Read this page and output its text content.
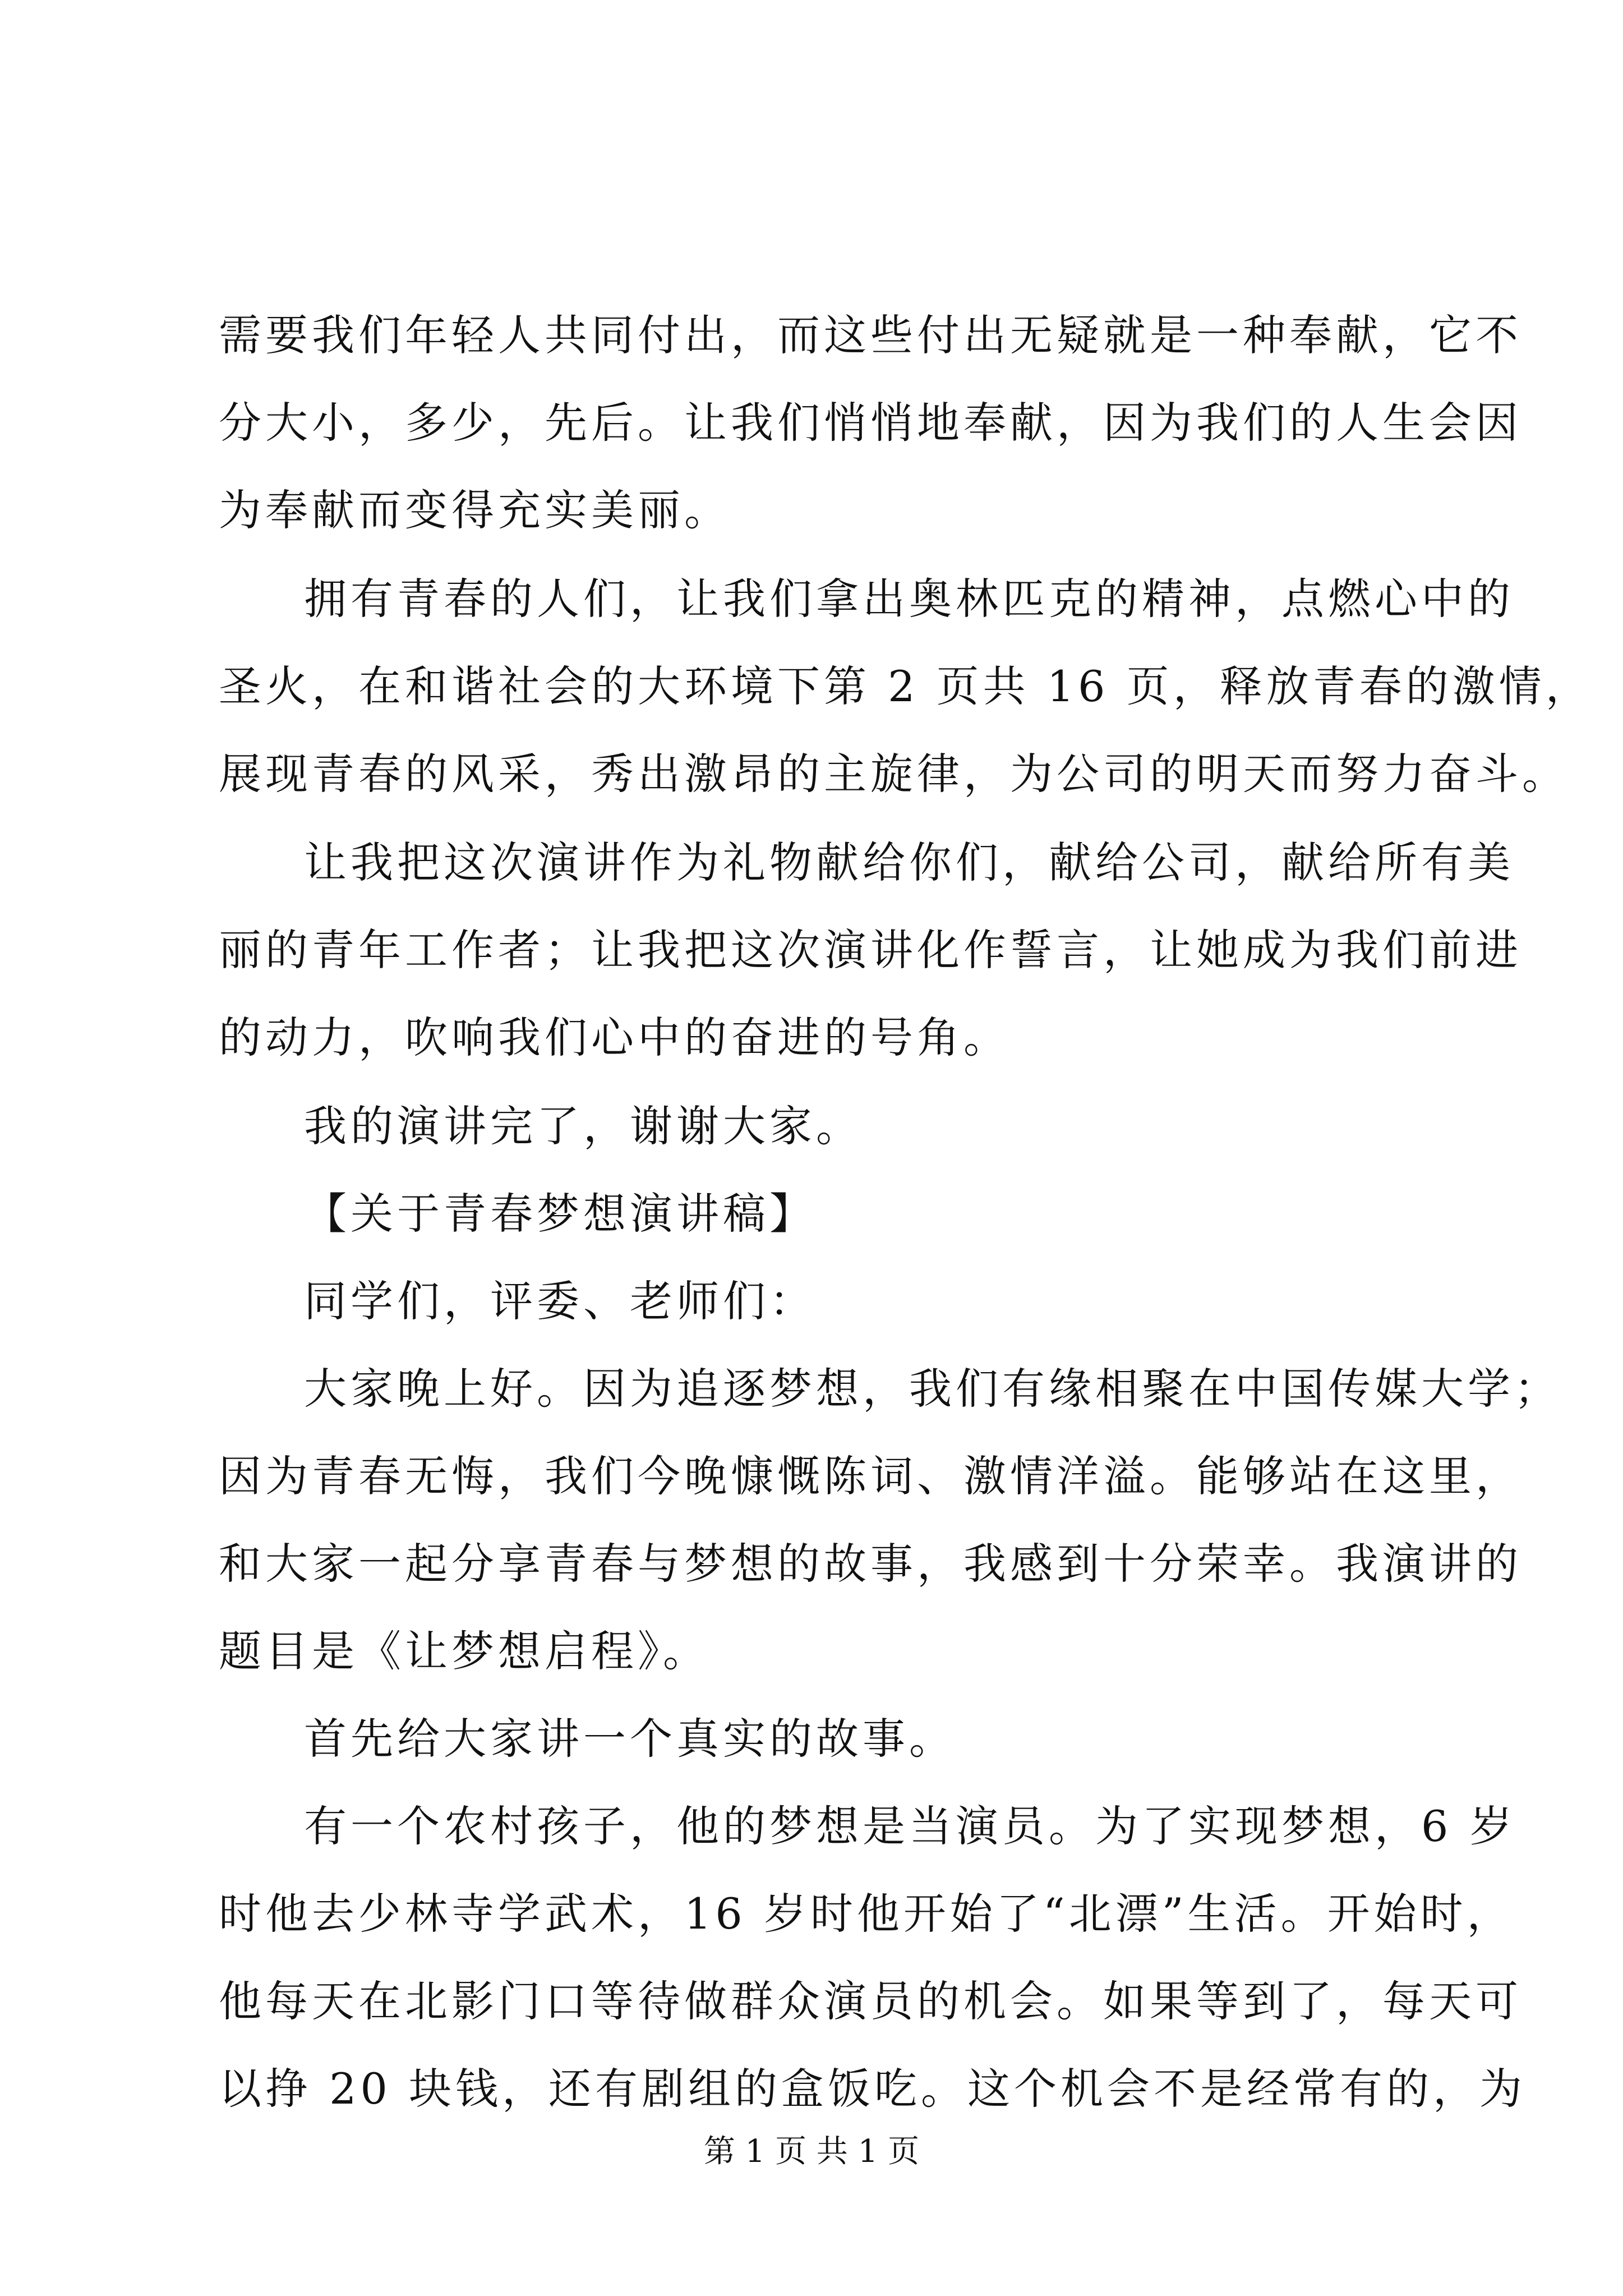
需要我们年轻人共同付出，而这些付出无疑就是一种奉献，它不
分大小，多少，先后。让我们悄悄地奉献，因为我们的人生会因
为奉献而变得充实美丽。
拥有青春的人们，让我们拿出奥林匹克的精神，点燃心中的
圣火，在和谐社会的大环境下第 2 页共 16 页，释放青春的激情，
展现青春的风采，秀出激昂的主旋律，为公司的明天而努力奋斗。
让我把这次演讲作为礼物献给你们，献给公司，献给所有美
丽的青年工作者；让我把这次演讲化作誓言，让她成为我们前进
的动力，吹响我们心中的奋进的号角。
我的演讲完了，谢谢大家。
【关于青春梦想演讲稿】
同学们，评委、老师们：
大家晚上好。因为追逐梦想，我们有缘相聚在中国传媒大学；
因为青春无悔，我们今晚慷慨陈词、激情洋溢。能够站在这里，
和大家一起分享青春与梦想的故事，我感到十分荣幸。我演讲的
题目是《让梦想启程》。
首先给大家讲一个真实的故事。
有一个农村孩子，他的梦想是当演员。为了实现梦想，6 岁
时他去少林寺学武术，16 岁时他开始了“北漂”生活。开始时，
他每天在北影门口等待做群众演员的机会。如果等到了，每天可
以挣 20 块钱，还有剧组的盒饭吃。这个机会不是经常有的，为
第 1 页 共 1 页
